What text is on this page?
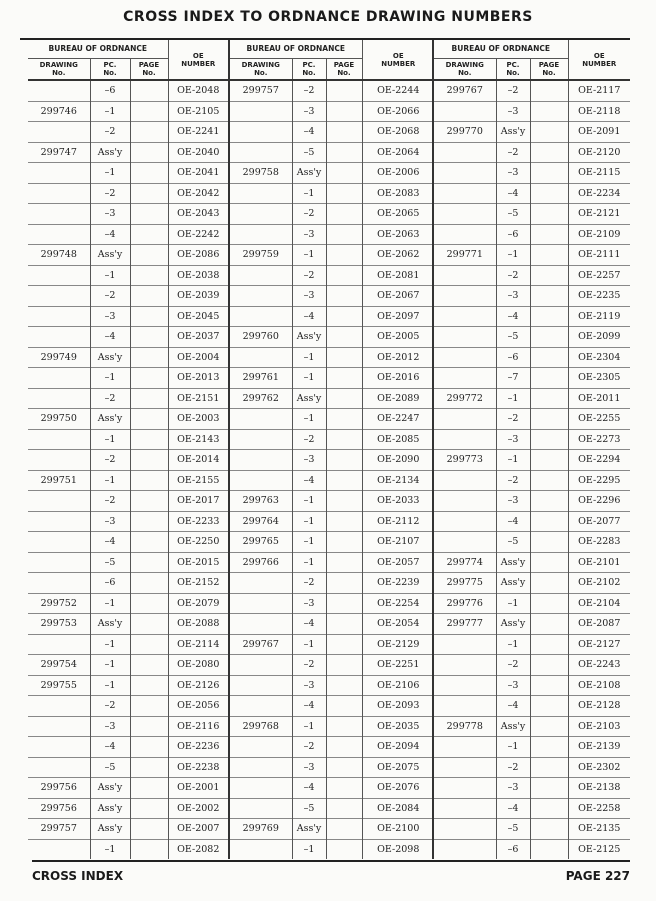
CROSS INDEX TO ORDNANCE DRAWING NUMBERS
BUREAU OF ORDNANCE			OE
NUMBER
DRAWING
No.	PC.
No.	PAGE
No.	
	–6		OE-2048
299746	–1		OE-2105
	–2		OE-2241
299747	Ass'y		OE-2040
	–1		OE-2041
	–2		OE-2042
	–3		OE-2043
	–4		OE-2242
299748	Ass'y		OE-2086
	–1		OE-2038
	–2		OE-2039
	–3		OE-2045
	–4		OE-2037
299749	Ass'y		OE-2004
	–1		OE-2013
	–2		OE-2151
299750	Ass'y		OE-2003
	–1		OE-2143
	–2		OE-2014
299751	–1		OE-2155
	–2		OE-2017
	–3		OE-2233
	–4		OE-2250
	–5		OE-2015
	–6		OE-2152
299752	–1		OE-2079
299753	Ass'y		OE-2088
	–1		OE-2114
299754	–1		OE-2080
299755	–1		OE-2126
	–2		OE-2056
	–3		OE-2116
	–4		OE-2236
	–5		OE-2238
299756	Ass'y		OE-2001
299756	Ass'y		OE-2002
299757	Ass'y		OE-2007
	–1		OE-2082
BUREAU OF ORDNANCE			OE
NUMBER
DRAWING
No.	PC.
No.	PAGE
No.	
299757	–2		OE-2244
	–3		OE-2066
	–4		OE-2068
	–5		OE-2064
299758	Ass'y		OE-2006
	–1		OE-2083
	–2		OE-2065
	–3		OE-2063
299759	–1		OE-2062
	–2		OE-2081
	–3		OE-2067
	–4		OE-2097
299760	Ass'y		OE-2005
	–1		OE-2012
299761	–1		OE-2016
299762	Ass'y		OE-2089
	–1		OE-2247
	–2		OE-2085
	–3		OE-2090
	–4		OE-2134
299763	–1		OE-2033
299764	–1		OE-2112
299765	–1		OE-2107
299766	–1		OE-2057
	–2		OE-2239
	–3		OE-2254
	–4		OE-2054
299767	–1		OE-2129
	–2		OE-2251
	–3		OE-2106
	–4		OE-2093
299768	–1		OE-2035
	–2		OE-2094
	–3		OE-2075
	–4		OE-2076
	–5		OE-2084
299769	Ass'y		OE-2100
	–1		OE-2098
BUREAU OF ORDNANCE			OE
NUMBER
DRAWING
No.	PC.
No.	PAGE
No.	
299767	–2		OE-2117
	–3		OE-2118
299770	Ass'y		OE-2091
	–2		OE-2120
	–3		OE-2115
	–4		OE-2234
	–5		OE-2121
	–6		OE-2109
299771	–1		OE-2111
	–2		OE-2257
	–3		OE-2235
	–4		OE-2119
	–5		OE-2099
	–6		OE-2304
	–7		OE-2305
299772	–1		OE-2011
	–2		OE-2255
	–3		OE-2273
299773	–1		OE-2294
	–2		OE-2295
	–3		OE-2296
	–4		OE-2077
	–5		OE-2283
299774	Ass'y		OE-2101
299775	Ass'y		OE-2102
299776	–1		OE-2104
299777	Ass'y		OE-2087
	–1		OE-2127
	–2		OE-2243
	–3		OE-2108
	–4		OE-2128
299778	Ass'y		OE-2103
	–1		OE-2139
	–2		OE-2302
	–3		OE-2138
	–4		OE-2258
	–5		OE-2135
	–6		OE-2125
CROSS INDEX	PAGE 227
